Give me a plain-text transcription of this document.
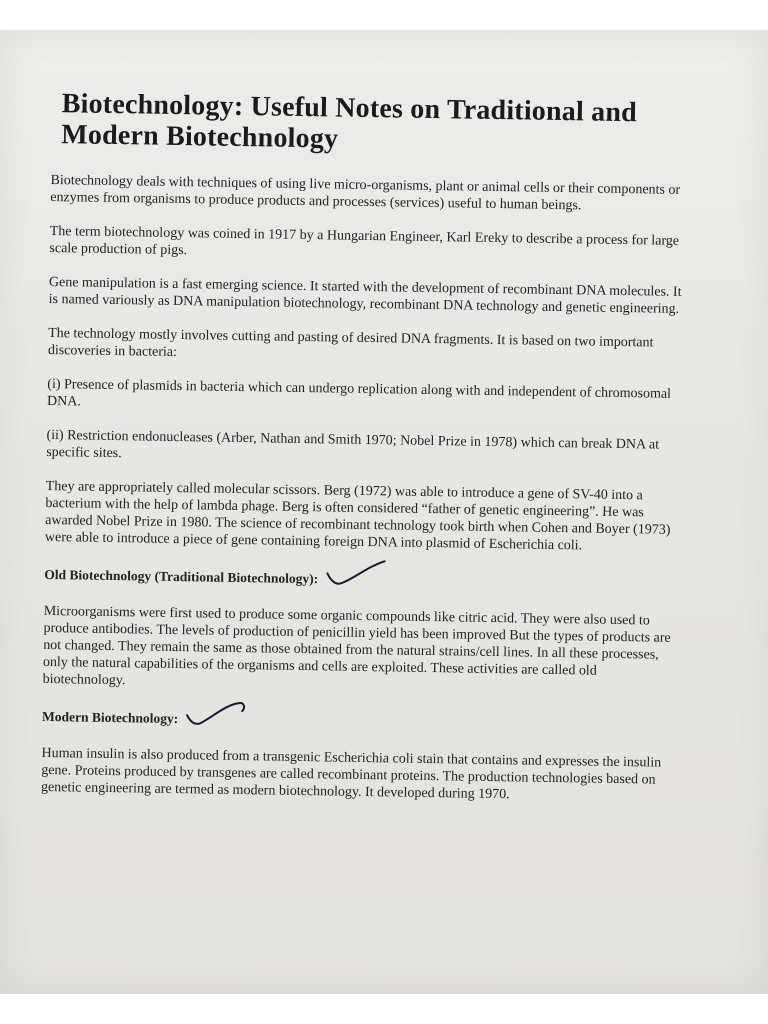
Biotechnology: Useful Notes on Traditional and Modern Biotechnology

Biotechnology deals with techniques of using live micro-organisms, plant or animal cells or their components or enzymes from organisms to produce products and processes (services) useful to human beings.

The term biotechnology was coined in 1917 by a Hungarian Engineer, Karl Ereky to describe a process for large scale production of pigs.

Gene manipulation is a fast emerging science. It started with the development of recombinant DNA molecules. It is named variously as DNA manipulation biotechnology, recombinant DNA technology and genetic engineering.

The technology mostly involves cutting and pasting of desired DNA fragments. It is based on two important discoveries in bacteria:

(i) Presence of plasmids in bacteria which can undergo replication along with and independent of chromosomal DNA.

(ii) Restriction endonucleases (Arber, Nathan and Smith 1970; Nobel Prize in 1978) which can break DNA at specific sites.

They are appropriately called molecular scissors. Berg (1972) was able to introduce a gene of SV-40 into a bacterium with the help of lambda phage. Berg is often considered “father of genetic engineering”. He was awarded Nobel Prize in 1980. The science of recombinant technology took birth when Cohen and Boyer (1973) were able to introduce a piece of gene containing foreign DNA into plasmid of Escherichia coli.

Old Biotechnology (Traditional Biotechnology):

Microorganisms were first used to produce some organic compounds like citric acid. They were also used to produce antibodies. The levels of production of penicillin yield has been improved But the types of products are not changed. They remain the same as those obtained from the natural strains/cell lines. In all these processes, only the natural capabilities of the organisms and cells are exploited. These activities are called old biotechnology.

Modern Biotechnology:

Human insulin is also produced from a transgenic Escherichia coli stain that contains and expresses the insulin gene. Proteins produced by transgenes are called recombinant proteins. The production technologies based on genetic engineering are termed as modern biotechnology. It developed during 1970.
